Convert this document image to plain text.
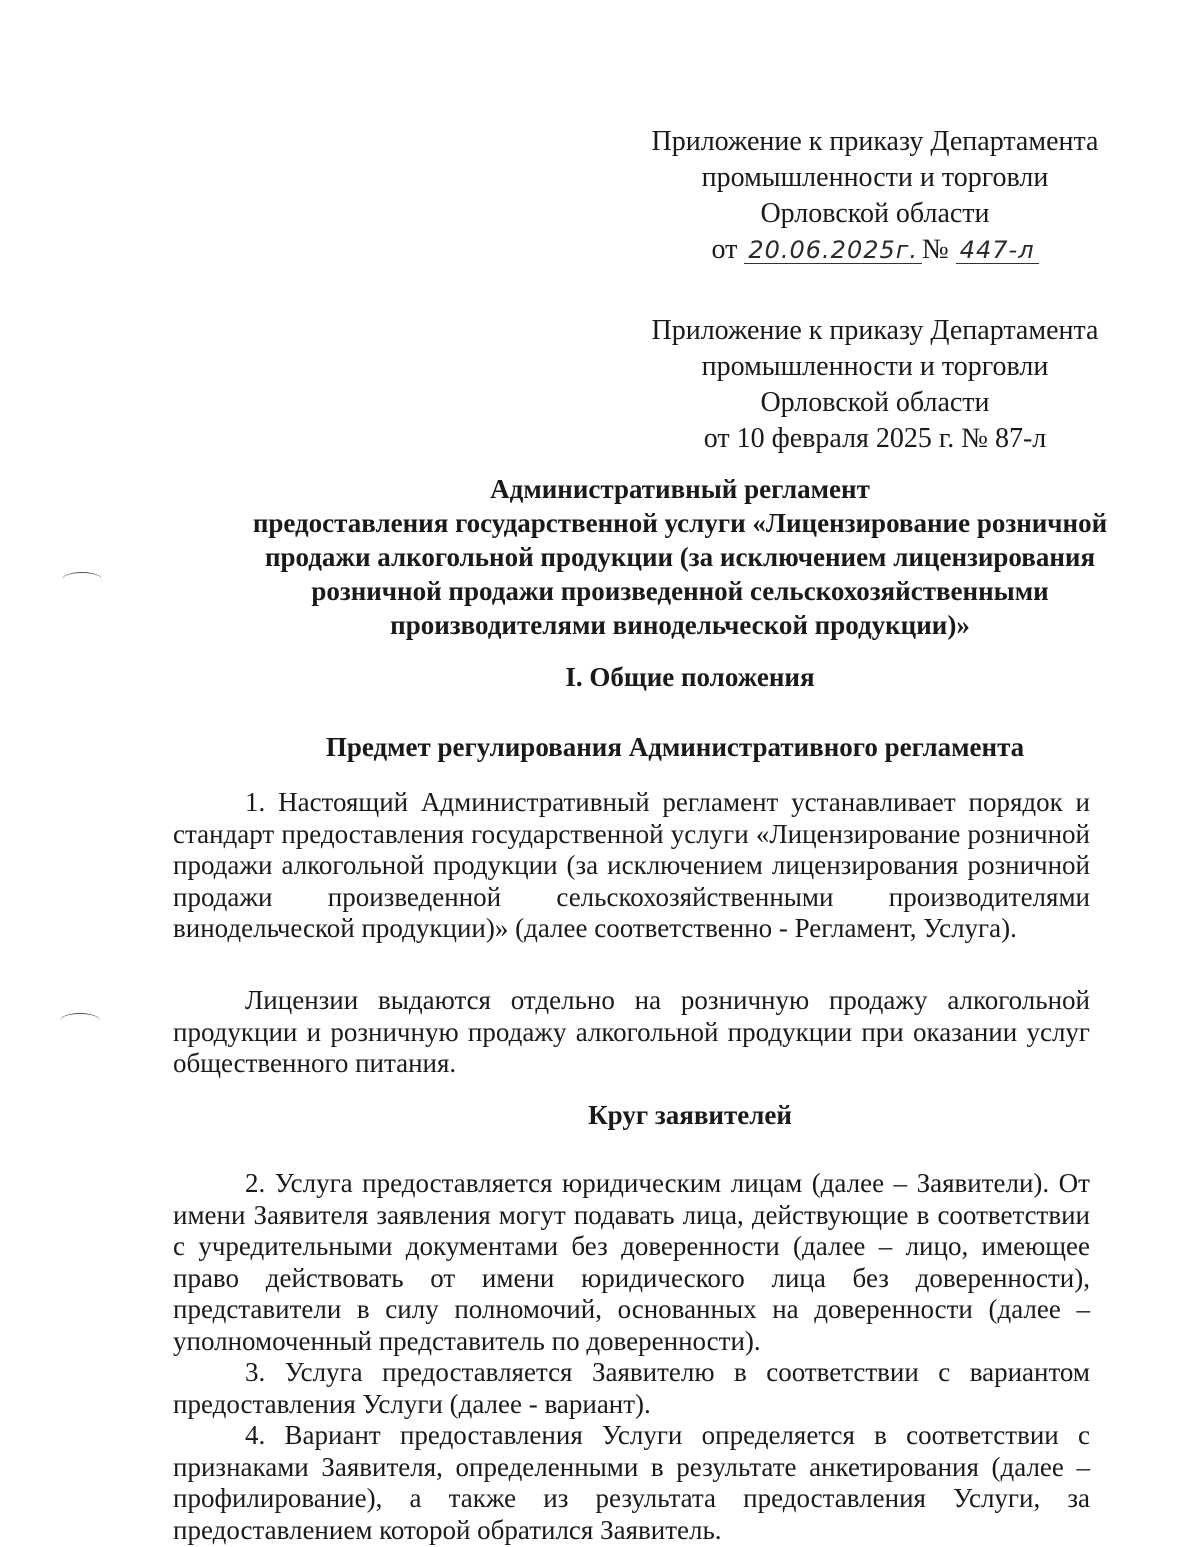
Приложение к приказу Департамента
промышленности и торговли
Орловской области
от 20.06.2025г. № 447-л
Приложение к приказу Департамента
промышленности и торговли
Орловской области
от 10 февраля 2025 г. № 87-л
Административный регламент
предоставления государственной услуги «Лицензирование розничной
продажи алкогольной продукции (за исключением лицензирования
розничной продажи произведенной сельскохозяйственными
производителями винодельческой продукции)»
I. Общие положения
Предмет регулирования Административного регламента
1. Настоящий Административный регламент устанавливает порядок и стандарт предоставления государственной услуги «Лицензирование розничной продажи алкогольной продукции (за исключением лицензирования розничной продажи произведенной сельскохозяйственными производителями винодельческой продукции)» (далее соответственно - Регламент, Услуга).
Лицензии выдаются отдельно на розничную продажу алкогольной продукции и розничную продажу алкогольной продукции при оказании услуг общественного питания.
Круг заявителей
2. Услуга предоставляется юридическим лицам (далее – Заявители). От имени Заявителя заявления могут подавать лица, действующие в соответствии с учредительными документами без доверенности (далее – лицо, имеющее право действовать от имени юридического лица без доверенности), представители в силу полномочий, основанных на доверенности (далее – уполномоченный представитель по доверенности).
3. Услуга предоставляется Заявителю в соответствии с вариантом предоставления Услуги (далее - вариант).
4. Вариант предоставления Услуги определяется в соответствии с признаками Заявителя, определенными в результате анкетирования (далее – профилирование), а также из результата предоставления Услуги, за предоставлением которой обратился Заявитель.
